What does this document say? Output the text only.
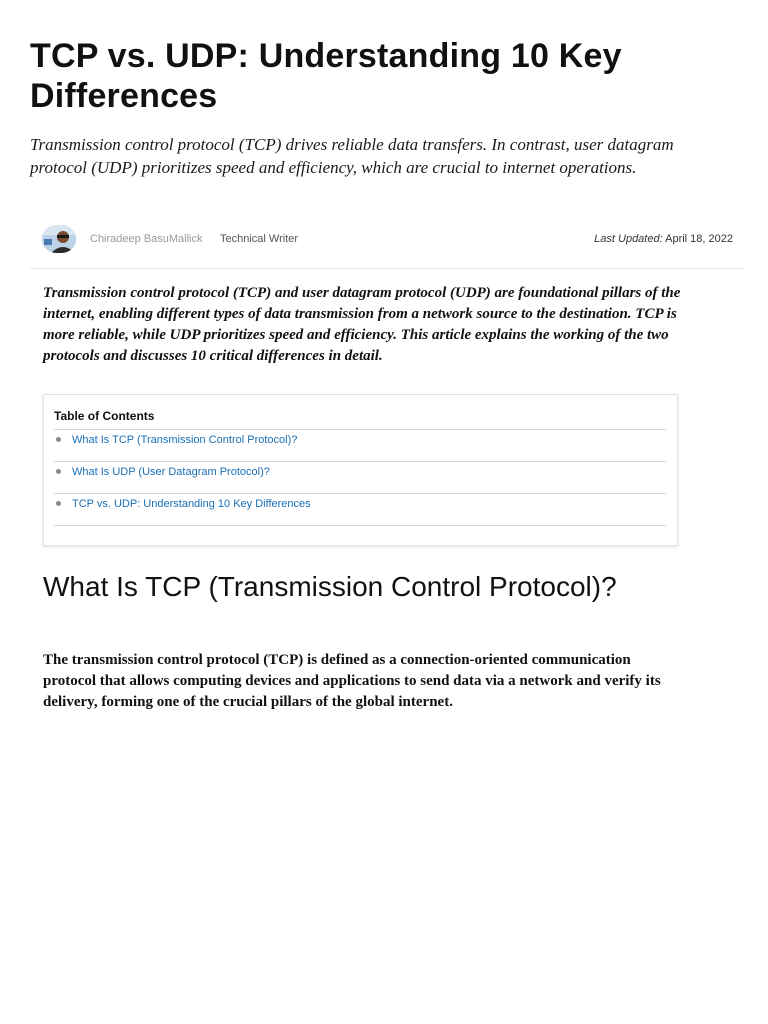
TCP vs. UDP: Understanding 10 Key Differences

Transmission control protocol (TCP) drives reliable data transfers. In contrast, user datagram protocol (UDP) prioritizes speed and efficiency, which are crucial to internet operations.

Chiradeep BasuMallick Technical Writer	Last Updated: April 18, 2022

Transmission control protocol (TCP) and user datagram protocol (UDP) are foundational pillars of the internet, enabling different types of data transmission from a network source to the destination. TCP is more reliable, while UDP prioritizes speed and efficiency. This article explains the working of the two protocols and discusses 10 critical differences in detail.

Table of Contents
What Is TCP (Transmission Control Protocol)?
What Is UDP (User Datagram Protocol)?
TCP vs. UDP: Understanding 10 Key Differences
What Is TCP (Transmission Control Protocol)?

The transmission control protocol (TCP) is defined as a connection-oriented communication protocol that allows computing devices and applications to send data via a network and verify its delivery, forming one of the crucial pillars of the global internet.
